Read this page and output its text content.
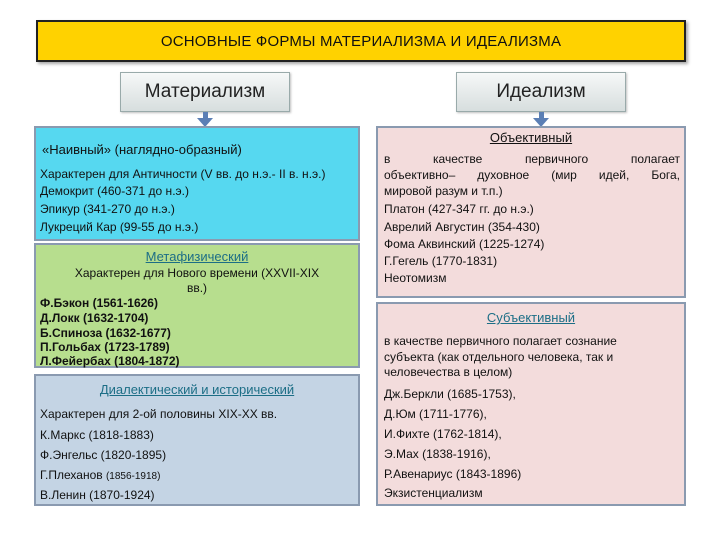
ОСНОВНЫЕ ФОРМЫ МАТЕРИАЛИЗМА И ИДЕАЛИЗМА
Материализм	Идеализм
«Наивный» (наглядно-образный)
Характерен для Античности (V вв. до н.э.- II в. н.э.)
Демокрит (460-371 до н.э.)
Эпикур (341-270 до н.э.)
Лукреций Кар (99-55 до н.э.)
Метафизический
Характерен для Нового времени (XXVII-XIX
вв.)
Ф.Бэкон (1561-1626)
Д.Локк (1632-1704)
Б.Спиноза (1632-1677)
П.Гольбах (1723-1789)
Л.Фейербах (1804-1872)
Диалектический и исторический
Характерен для 2-ой половины XIX-XX вв.
К.Маркс (1818-1883)
Ф.Энгельс (1820-1895)
Г.Плеханов (1856-1918)
В.Ленин (1870-1924)
Объективный
в качестве первичного полагает
объективно– духовное (мир идей, Бога,
мировой разум и т.п.)
Платон (427-347 гг. до н.э.)
Аврелий Августин (354-430)
Фома Аквинский (1225-1274)
Г.Гегель (1770-1831)
Неотомизм
Субъективный
в качестве первичного полагает сознание
субъекта (как отдельного человека, так и
человечества в целом)
Дж.Беркли (1685-1753),
Д.Юм (1711-1776),
И.Фихте (1762-1814),
Э.Мах (1838-1916),
Р.Авенариус (1843-1896)
Экзистенциализм
